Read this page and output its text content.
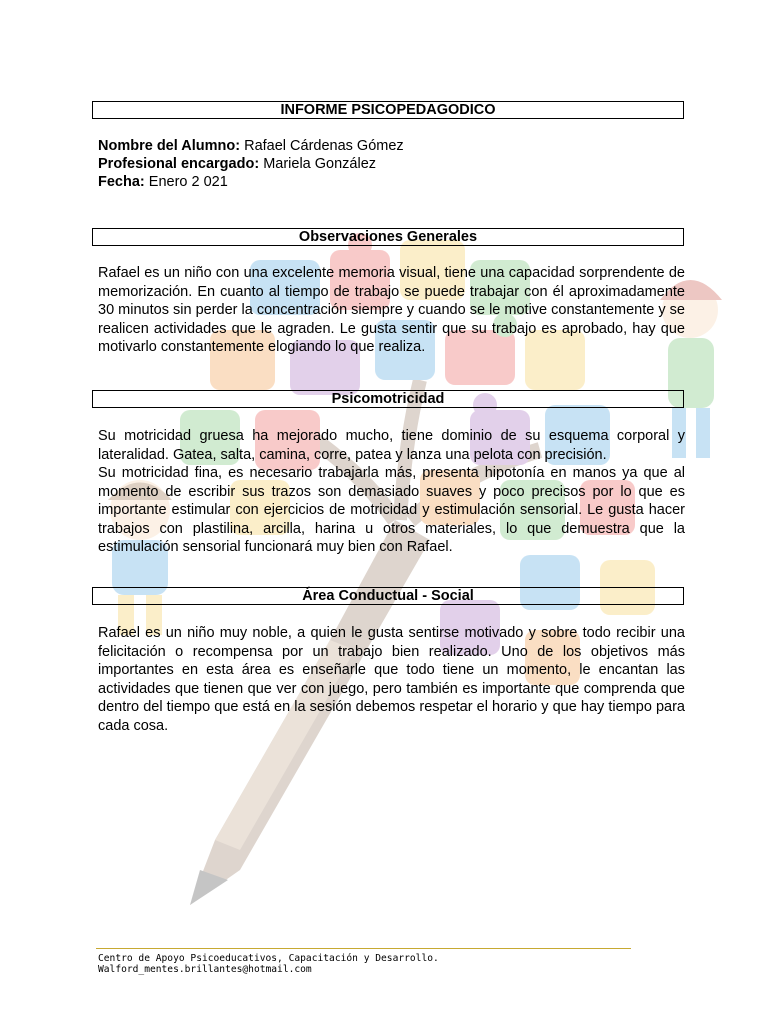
INFORME PSICOPEDAGODICO
Nombre del Alumno: Rafael Cárdenas Gómez
Profesional encargado: Mariela González
Fecha: Enero 2 021
Observaciones Generales

Rafael es un niño con una excelente memoria visual, tiene una capacidad sorprendente de memorización. En cuanto al tiempo de trabajo se puede trabajar con él aproximadamente 30 minutos sin perder la concentración siempre y cuando se le motive constantemente y se realicen actividades que le agraden. Le gusta sentir que su trabajo es aprobado, hay que motivarlo constantemente elogiando lo que realiza.

Psicomotricidad

Su motricidad gruesa ha mejorado mucho, tiene dominio de su esquema corporal y lateralidad. Gatea, salta, camina, corre, patea y lanza una pelota con precisión.

Su motricidad fina, es necesario trabajarla más, presenta hipotonía en manos ya que al momento de escribir sus trazos son demasiado suaves y poco precisos por lo que es importante estimular con ejercicios de motricidad y estimulación sensorial. Le gusta hacer trabajos con plastilina, arcilla, harina u otros materiales, lo que demuestra que la estimulación sensorial funcionará muy bien con Rafael.

Área Conductual - Social

Rafael es un niño muy noble, a quien le gusta sentirse motivado y sobre todo recibir una felicitación o recompensa por un trabajo bien realizado. Uno de los objetivos más importantes en esta área es enseñarle que todo tiene un momento, le encantan las actividades que tienen que ver con juego, pero también es importante que comprenda que dentro del tiempo que está en la sesión debemos respetar el horario y que hay tiempo para cada cosa.

Centro de Apoyo Psicoeducativos, Capacitación y Desarrollo.
Walford_mentes.brillantes@hotmail.com
